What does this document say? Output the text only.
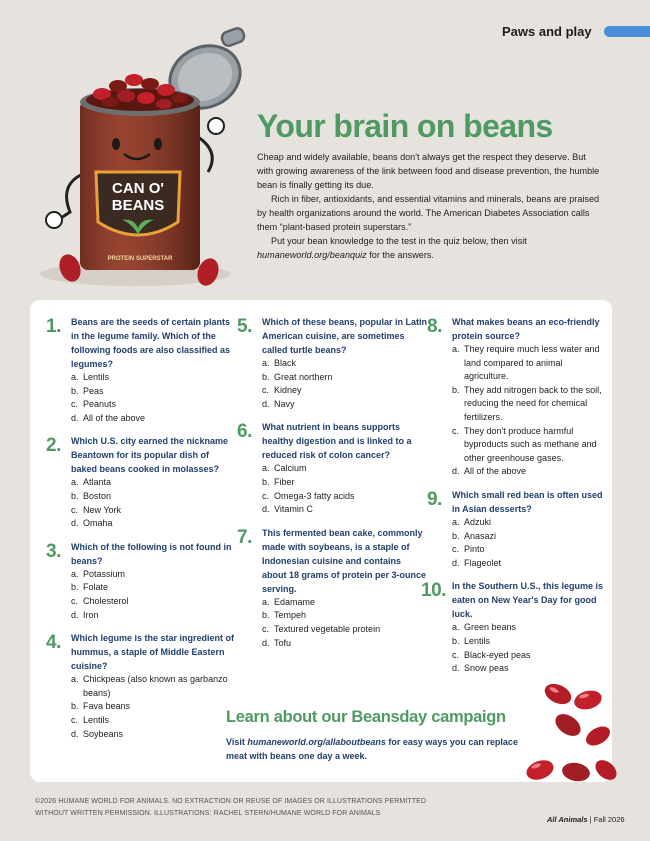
Paws and play
CAN O'
BEANS
PROTEIN SUPERSTAR
Your brain on beans

Cheap and widely available, beans don't always get the respect they deserve. But with growing awareness of the link between food and disease prevention, the humble bean is finally getting its due.

Rich in fiber, antioxidants, and essential vitamins and minerals, beans are praised by health organizations around the world. The American Diabetes Association calls them “plant-based protein superstars.”

Put your bean knowledge to the test in the quiz below, then visit humaneworld.org/beanquiz for the answers.

1. Beans are the seeds of certain plants in the legume family. Which of the following foods are also classified as legumes?
a. Lentils
b. Peas
c. Peanuts
d. All of the above
2. Which U.S. city earned the nickname Beantown for its popular dish of baked beans cooked in molasses?
a. Atlanta
b. Boston
c. New York
d. Omaha
3. Which of the following is not found in beans?
a. Potassium
b. Folate
c. Cholesterol
d. Iron
4. Which legume is the star ingredient of hummus, a staple of Middle Eastern cuisine?
a. Chickpeas (also known as garbanzo beans)
b. Fava beans
c. Lentils
d. Soybeans
5. Which of these beans, popular in Latin American cuisine, are sometimes called turtle beans?
a. Black
b. Great northern
c. Kidney
d. Navy
6. What nutrient in beans supports healthy digestion and is linked to a reduced risk of colon cancer?
a. Calcium
b. Fiber
c. Omega-3 fatty acids
d. Vitamin C
7. This fermented bean cake, commonly made with soybeans, is a staple of Indonesian cuisine and contains about 18 grams of protein per 3-ounce serving.
a. Edamame
b. Tempeh
c. Textured vegetable protein
d. Tofu
8. What makes beans an eco-friendly protein source?
a. They require much less water and land compared to animal agriculture.
b. They add nitrogen back to the soil, reducing the need for chemical fertilizers.
c. They don't produce harmful byproducts such as methane and other greenhouse gases.
d. All of the above
9. Which small red bean is often used in Asian desserts?
a. Adzuki
b. Anasazi
c. Pinto
d. Flageolet
10. In the Southern U.S., this legume is eaten on New Year's Day for good luck.
a. Green beans
b. Lentils
c. Black-eyed peas
d. Snow peas
Learn about our Beansday campaign
Visit humaneworld.org/allaboutbeans for easy ways you can replace meat with beans one day a week.
©2026 HUMANE WORLD FOR ANIMALS. NO EXTRACTION OR REUSE OF IMAGES OR ILLUSTRATIONS PERMITTED
WITHOUT WRITTEN PERMISSION. ILLUSTRATIONS: RACHEL STERN/HUMANE WORLD FOR ANIMALS
All Animals | Fall 2026
